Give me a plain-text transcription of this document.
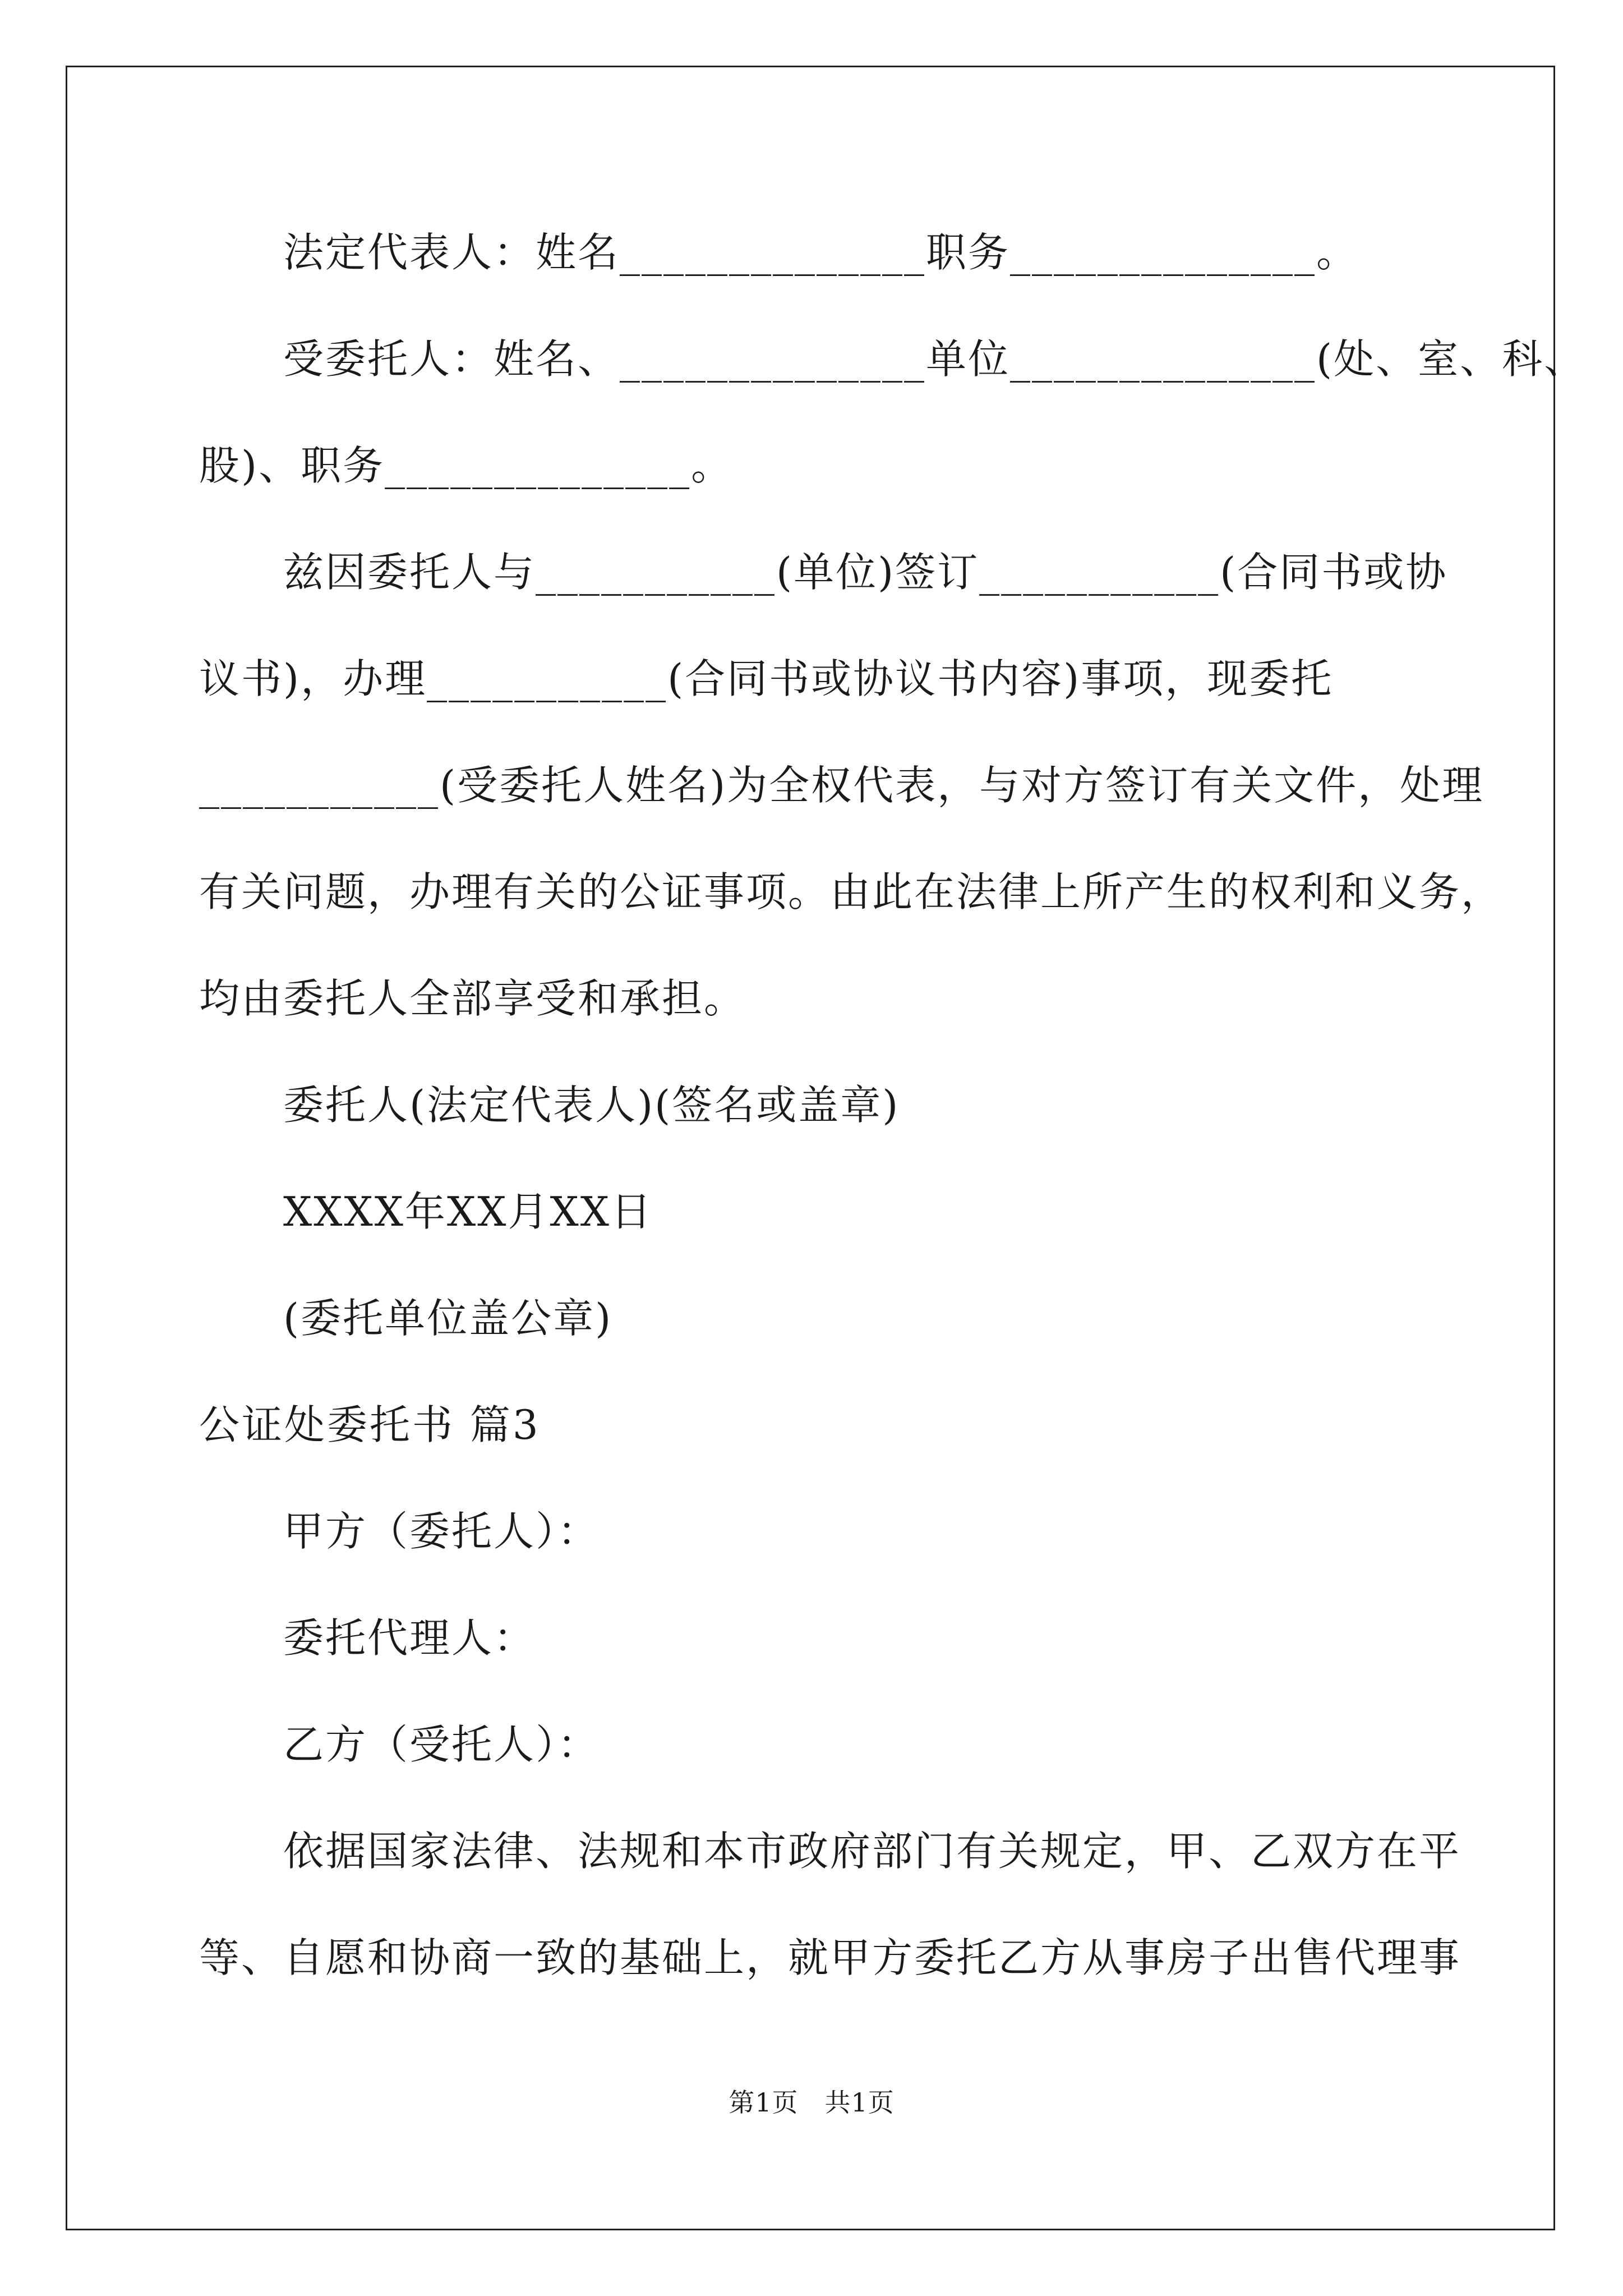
法定代表人：姓名______________职务______________。
受委托人：姓名、______________单位______________(处、室、科、
股)、职务______________。
兹因委托人与___________(单位)签订___________(合同书或协
议书)，办理___________(合同书或协议书内容)事项，现委托
___________(受委托人姓名)为全权代表，与对方签订有关文件，处理
有关问题，办理有关的公证事项。由此在法律上所产生的权利和义务，
均由委托人全部享受和承担。
委托人(法定代表人)(签名或盖章)
XXXX年XX月XX日
(委托单位盖公章)
公证处委托书 篇3
甲方（委托人）：
委托代理人：
乙方（受托人）：
依据国家法律、法规和本市政府部门有关规定，甲、乙双方在平
等、自愿和协商一致的基础上，就甲方委托乙方从事房子出售代理事
第1页　共1页
